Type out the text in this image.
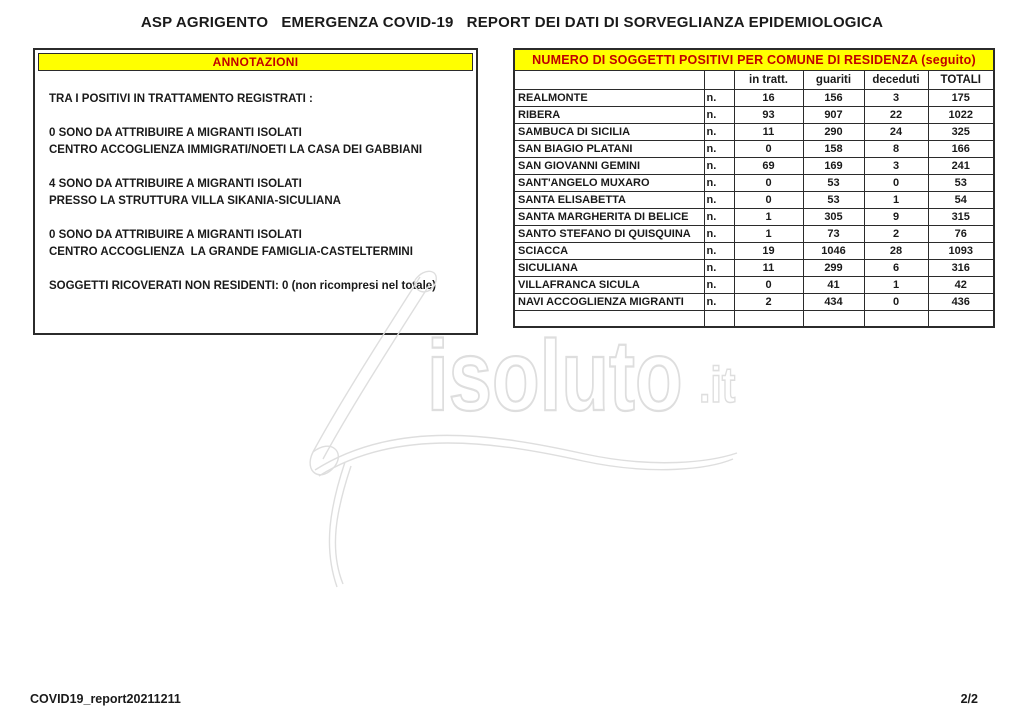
ASP AGRIGENTO   EMERGENZA COVID-19   REPORT DEI DATI DI SORVEGLIANZA EPIDEMIOLOGICA
ANNOTAZIONI
TRA I POSITIVI IN TRATTAMENTO REGISTRATI :
0 SONO DA ATTRIBUIRE A MIGRANTI ISOLATI
CENTRO ACCOGLIENZA IMMIGRATI/NOETI LA CASA DEI GABBIANI
4 SONO DA ATTRIBUIRE A MIGRANTI ISOLATI
PRESSO LA STRUTTURA VILLA SIKANIA-SICULIANA
0 SONO DA ATTRIBUIRE A MIGRANTI ISOLATI
CENTRO ACCOGLIENZA  LA GRANDE FAMIGLIA-CASTELTERMINI
SOGGETTI RICOVERATI NON RESIDENTI: 0 (non ricompresi nel totale)
NUMERO DI SOGGETTI POSITIVI PER COMUNE DI RESIDENZA (seguito)					
		in tratt.	guariti	deceduti	TOTALI
REALMONTE	n.	16	156	3	175
RIBERA	n.	93	907	22	1022
SAMBUCA DI SICILIA	n.	11	290	24	325
SAN BIAGIO PLATANI	n.	0	158	8	166
SAN GIOVANNI GEMINI	n.	69	169	3	241
SANT'ANGELO MUXARO	n.	0	53	0	53
SANTA ELISABETTA	n.	0	53	1	54
SANTA MARGHERITA DI BELICE	n.	1	305	9	315
SANTO STEFANO DI QUISQUINA	n.	1	73	2	76
SCIACCA	n.	19	1046	28	1093
SICULIANA	n.	11	299	6	316
VILLAFRANCA SICULA	n.	0	41	1	42
NAVI ACCOGLIENZA MIGRANTI	n.	2	434	0	436

isoluto .it
COVID19_report20211211	2/2
